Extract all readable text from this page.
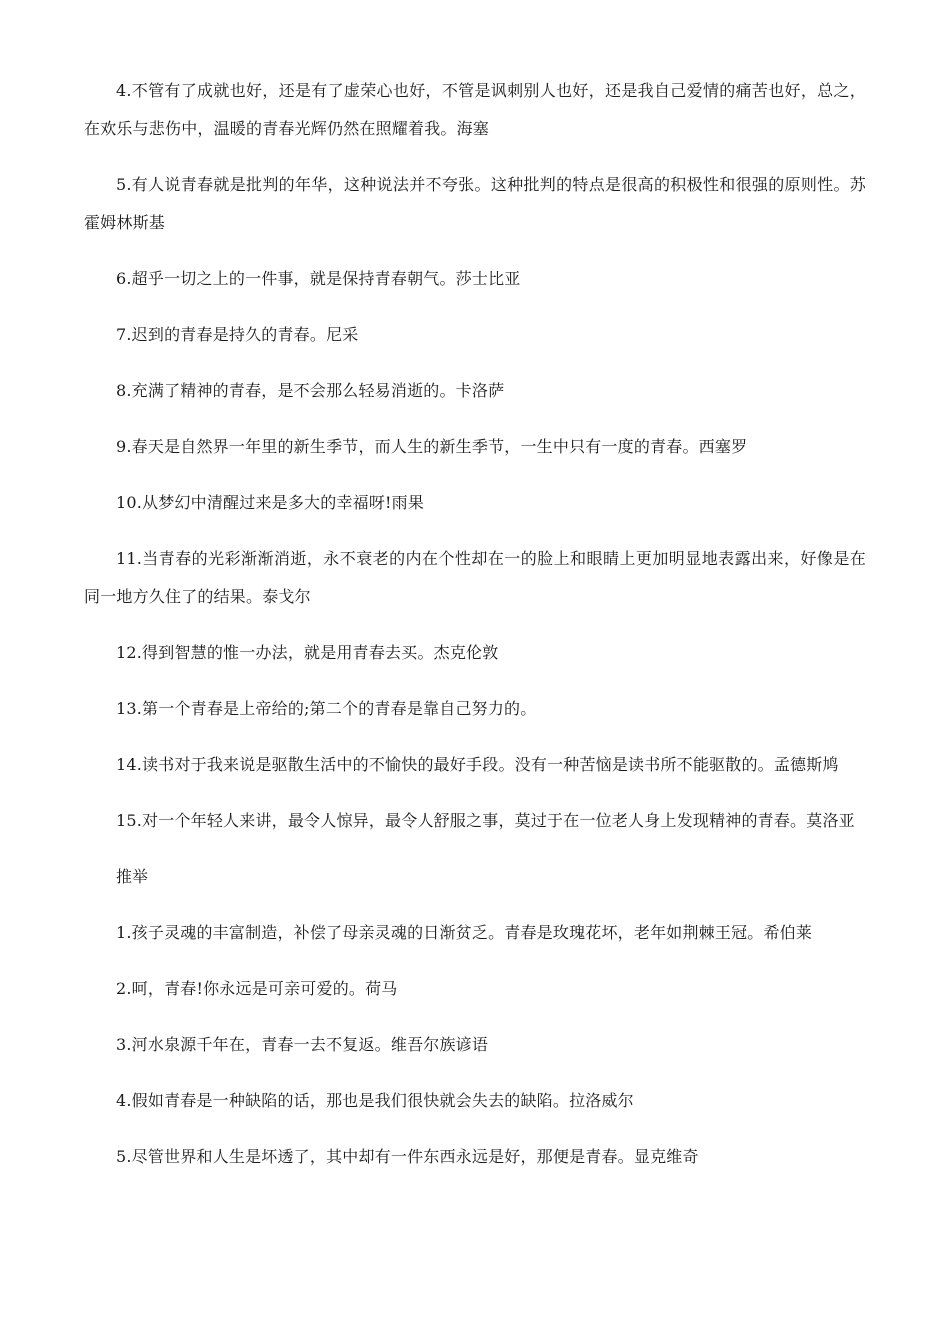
4.不管有了成就也好，还是有了虚荣心也好，不管是讽刺别人也好，还是我自己爱情的痛苦也好，总之，在欢乐与悲伤中，温暖的青春光辉仍然在照耀着我。海塞

5.有人说青春就是批判的年华，这种说法并不夸张。这种批判的特点是很高的积极性和很强的原则性。苏霍姆林斯基

6.超乎一切之上的一件事，就是保持青春朝气。莎士比亚

7.迟到的青春是持久的青春。尼采

8.充满了精神的青春，是不会那么轻易消逝的。卡洛萨

9.春天是自然界一年里的新生季节，而人生的新生季节，一生中只有一度的青春。西塞罗

10.从梦幻中清醒过来是多大的幸福呀!雨果

11.当青春的光彩渐渐消逝，永不衰老的内在个性却在一的脸上和眼睛上更加明显地表露出来，好像是在同一地方久住了的结果。泰戈尔

12.得到智慧的惟一办法，就是用青春去买。杰克伦敦

13.第一个青春是上帝给的;第二个的青春是靠自己努力的。

14.读书对于我来说是驱散生活中的不愉快的最好手段。没有一种苦恼是读书所不能驱散的。孟德斯鸠

15.对一个年轻人来讲，最令人惊异，最令人舒服之事，莫过于在一位老人身上发现精神的青春。莫洛亚

推举

1.孩子灵魂的丰富制造，补偿了母亲灵魂的日渐贫乏。青春是玫瑰花坏，老年如荆棘王冠。希伯莱

2.呵，青春!你永远是可亲可爱的。荷马

3.河水泉源千年在，青春一去不复返。维吾尔族谚语

4.假如青春是一种缺陷的话，那也是我们很快就会失去的缺陷。拉洛威尔

5.尽管世界和人生是坏透了，其中却有一件东西永远是好，那便是青春。显克维奇
